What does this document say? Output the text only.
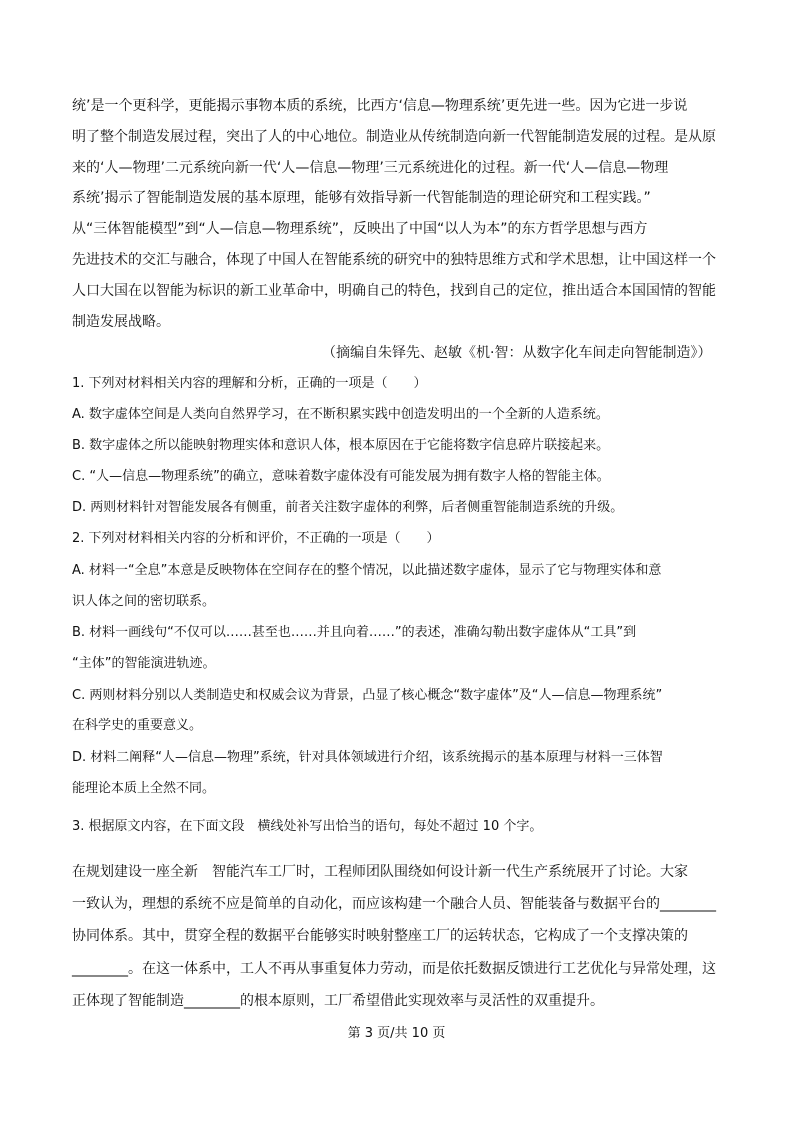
统’是一个更科学，更能揭示事物本质的系统，比西方‘信息—物理系统’更先进一些。因为它进一步说
明了整个制造发展过程，突出了人的中心地位。制造业从传统制造向新一代智能制造发展的过程。是从原
来的‘人—物理’二元系统向新一代‘人—信息—物理’三元系统进化的过程。新一代‘人—信息—物理
系统’揭示了智能制造发展的基本原理，能够有效指导新一代智能制造的理论研究和工程实践。”
从“三体智能模型”到“人—信息—物理系统”，反映出了中国“以人为本”的东方哲学思想与西方
先进技术的交汇与融合，体现了中国人在智能系统的研究中的独特思维方式和学术思想，让中国这样一个
人口大国在以智能为标识的新工业革命中，明确自己的特色，找到自己的定位，推出适合本国国情的智能
制造发展战略。
（摘编自朱铎先、赵敏《机·智：从数字化车间走向智能制造》）
1. 下列对材料相关内容的理解和分析，正确的一项是（　　）
A. 数字虚体空间是人类向自然界学习，在不断积累实践中创造发明出的一个全新的人造系统。
B. 数字虚体之所以能映射物理实体和意识人体，根本原因在于它能将数字信息碎片联接起来。
C. “人—信息—物理系统”的确立，意味着数字虚体没有可能发展为拥有数字人格的智能主体。
D. 两则材料针对智能发展各有侧重，前者关注数字虚体的利弊，后者侧重智能制造系统的升级。
2. 下列对材料相关内容的分析和评价，不正确的一项是（　　）
A. 材料一“全息”本意是反映物体在空间存在的整个情况，以此描述数字虚体，显示了它与物理实体和意
识人体之间的密切联系。
B. 材料一画线句“不仅可以……甚至也……并且向着……”的表述，准确勾勒出数字虚体从“工具”到
“主体”的智能演进轨迹。
C. 两则材料分别以人类制造史和权威会议为背景，凸显了核心概念“数字虚体”及“人—信息—物理系统”
在科学史的重要意义。
D. 材料二阐释“人—信息—物理”系统，针对具体领域进行介绍，该系统揭示的基本原理与材料一三体智
能理论本质上全然不同。
3. 根据原文内容，在下面文段　横线处补写出恰当的语句，每处不超过 10 个字。
在规划建设一座全新　智能汽车工厂时，工程师团队围绕如何设计新一代生产系统展开了讨论。大家
一致认为，理想的系统不应是简单的自动化，而应该构建一个融合人员、智能装备与数据平台的________
协同体系。其中，贯穿全程的数据平台能够实时映射整座工厂的运转状态，它构成了一个支撑决策的
________。在这一体系中，工人不再从事重复体力劳动，而是依托数据反馈进行工艺优化与异常处理，这
正体现了智能制造________的根本原则，工厂希望借此实现效率与灵活性的双重提升。
第 3 页/共 10 页
